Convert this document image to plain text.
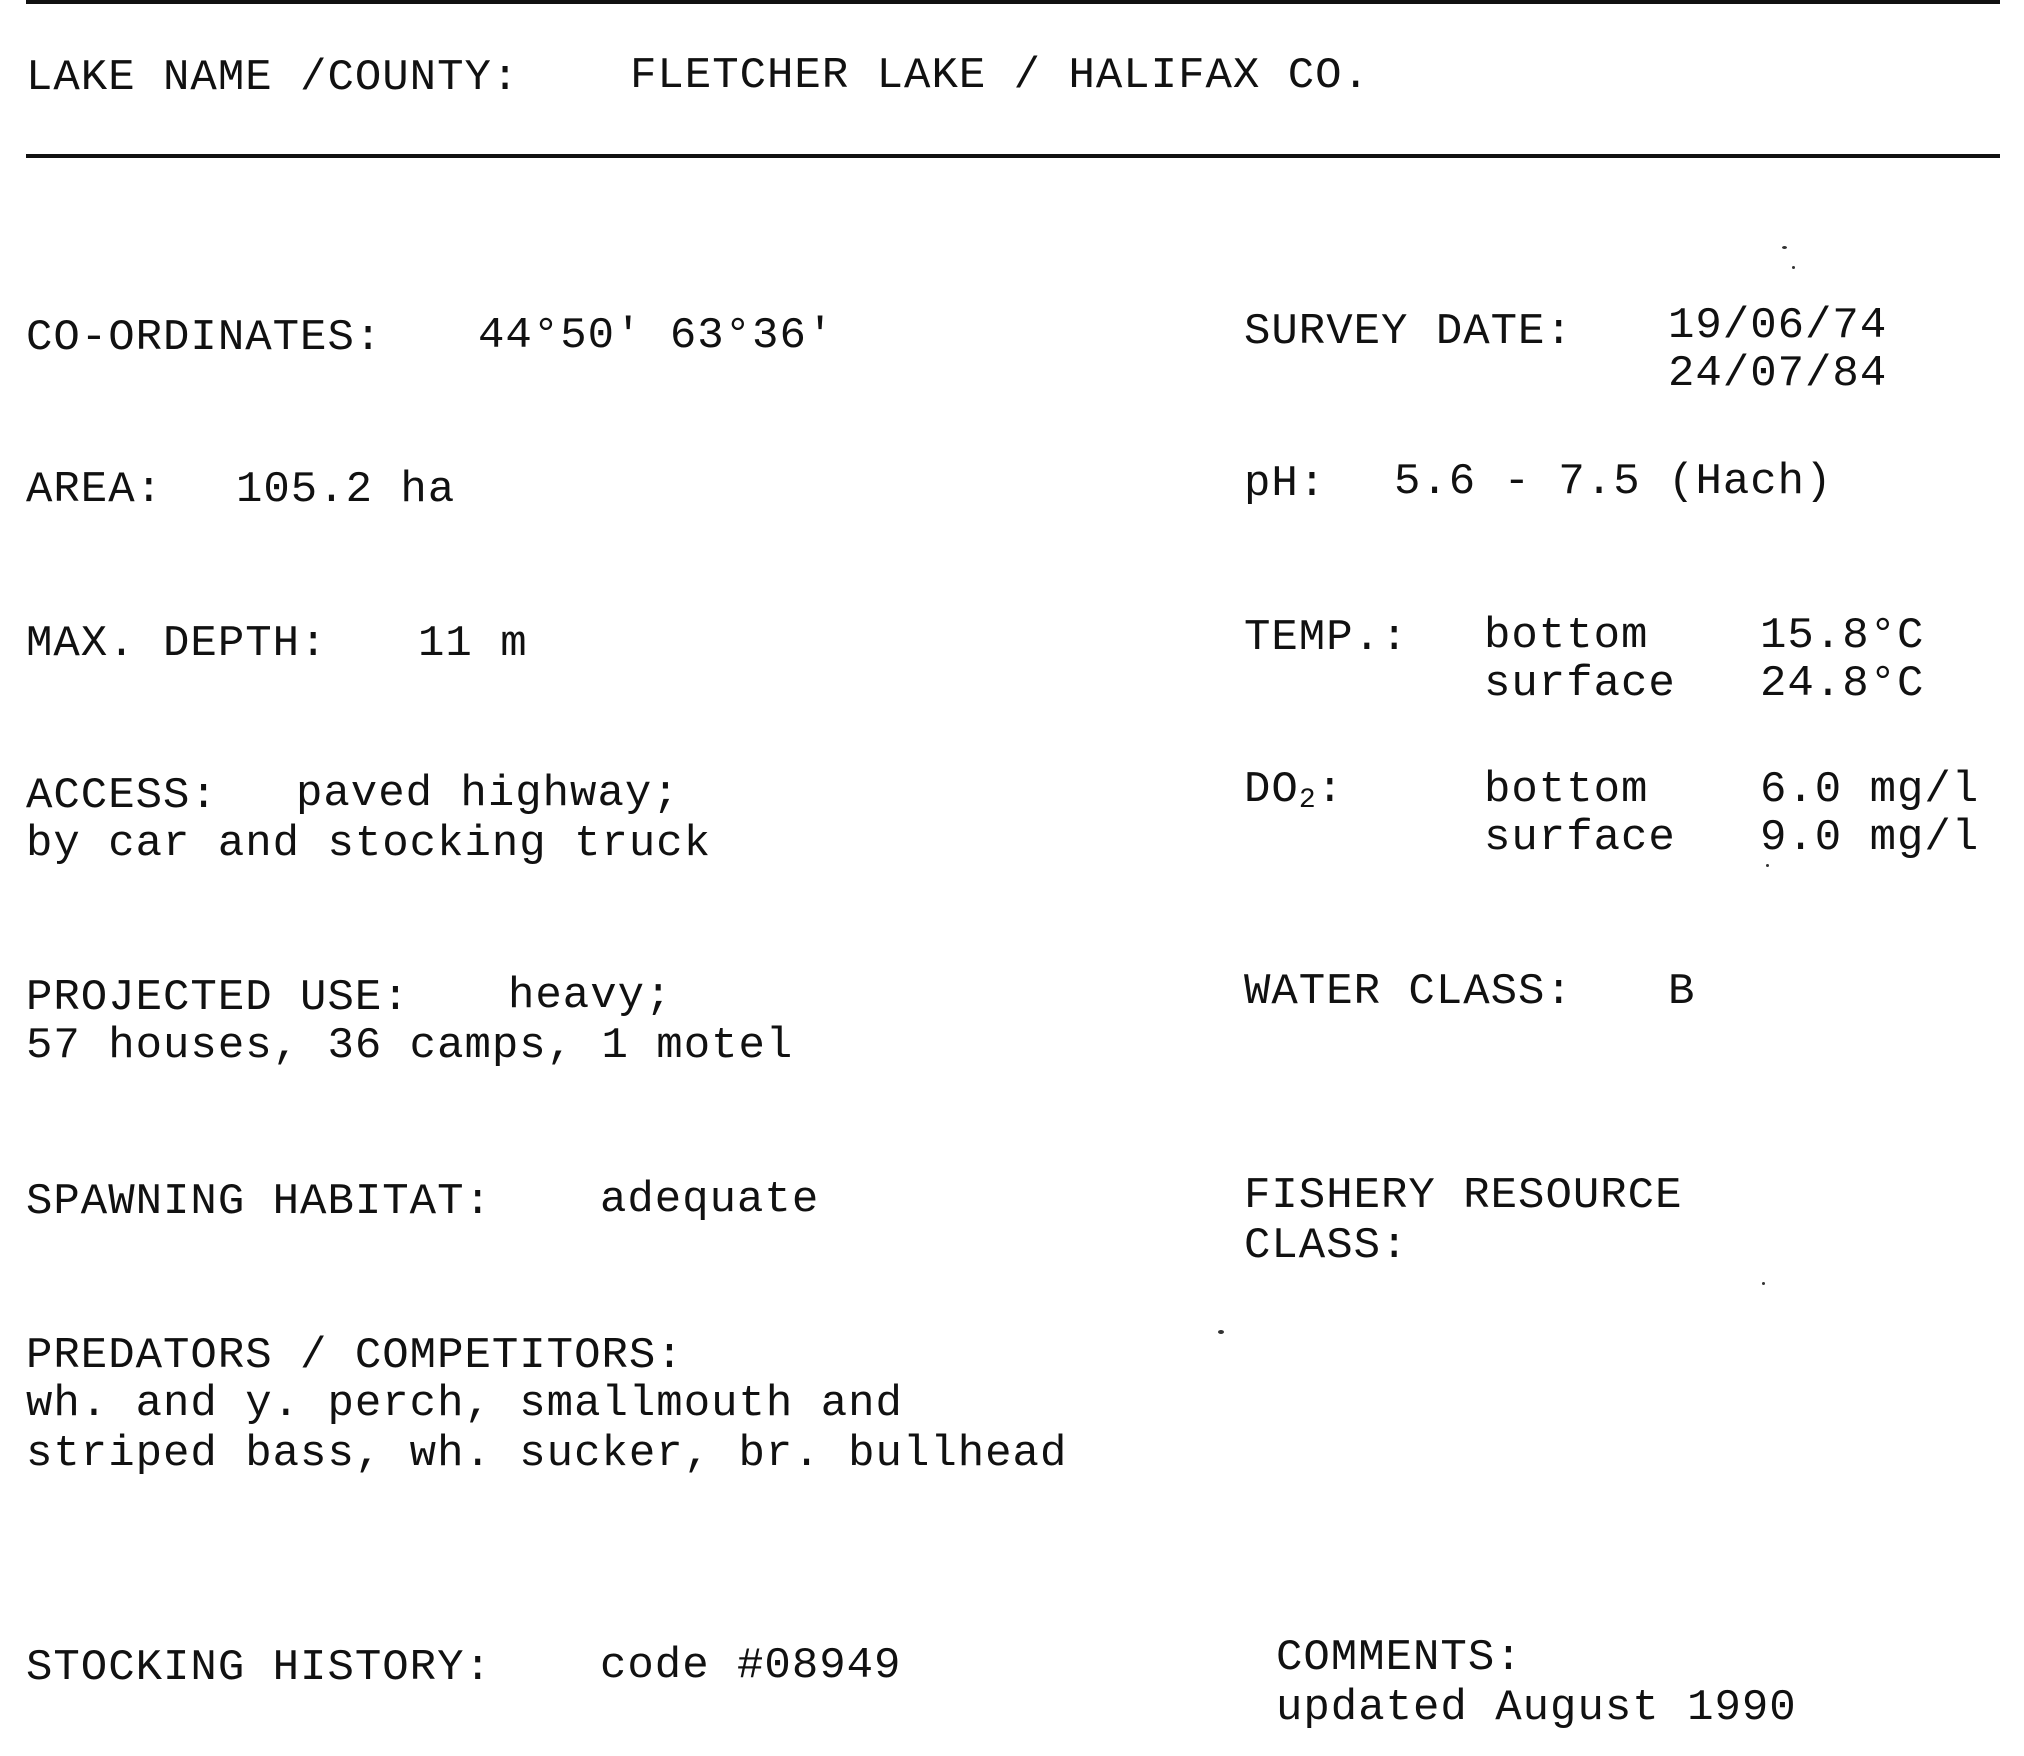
LAKE NAME /COUNTY:	FLETCHER LAKE / HALIFAX CO.
CO-ORDINATES: 44°50' 63°36'
AREA: 105.2 ha
MAX. DEPTH: 11 m
ACCESS: paved highway;
by car and stocking truck
PROJECTED USE: heavy;
57 houses, 36 camps, 1 motel
SPAWNING HABITAT: adequate
PREDATORS / COMPETITORS:
wh. and y. perch, smallmouth and
striped bass, wh. sucker, br. bullhead
STOCKING HISTORY: code #08949
SURVEY DATE: 19/06/74
24/07/84
pH: 5.6 - 7.5 (Hach)
TEMP.: bottom	15.8°C
surface 24.8°C
$DO_2$:	bottom	6.0 mg/l
surface 9.0 mg/l
WATER CLASS: B
FISHERY RESOURCE
CLASS:
COMMENTS:
updated August 1990
